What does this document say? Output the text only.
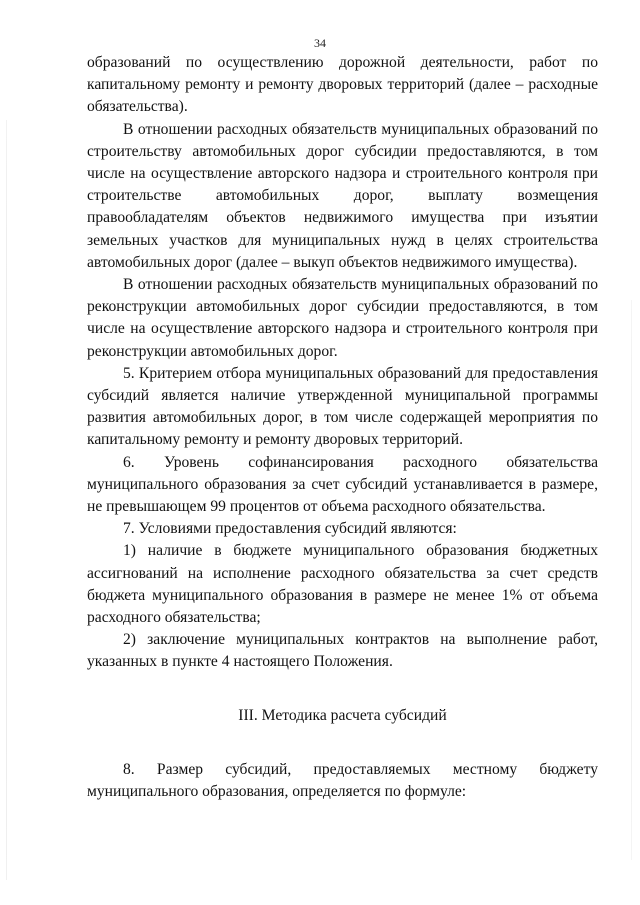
34

образований по осуществлению дорожной деятельности, работ по капитальному ремонту и ремонту дворовых территорий (далее – расходные обязательства).

В отношении расходных обязательств муниципальных образований по строительству автомобильных дорог субсидии предоставляются, в том числе на осуществление авторского надзора и строительного контроля при строительстве автомобильных дорог, выплату возмещения правообладателям объектов недвижимого имущества при изъятии земельных участков для муниципальных нужд в целях строительства автомобильных дорог (далее – выкуп объектов недвижимого имущества).

В отношении расходных обязательств муниципальных образований по реконструкции автомобильных дорог субсидии предоставляются, в том числе на осуществление авторского надзора и строительного контроля при реконструкции автомобильных дорог.

5. Критерием отбора муниципальных образований для предоставления субсидий является наличие утвержденной муниципальной программы развития автомобильных дорог, в том числе содержащей мероприятия по капитальному ремонту и ремонту дворовых территорий.

6. Уровень софинансирования расходного обязательства муниципального образования за счет субсидий устанавливается в размере, не превышающем 99 процентов от объема расходного обязательства.

7. Условиями предоставления субсидий являются:

1) наличие в бюджете муниципального образования бюджетных ассигнований на исполнение расходного обязательства за счет средств бюджета муниципального образования в размере не менее 1% от объема расходного обязательства;

2) заключение муниципальных контрактов на выполнение работ, указанных в пункте 4 настоящего Положения.

III. Методика расчета субсидий

8. Размер субсидий, предоставляемых местному бюджету муниципального образования, определяется по формуле:
